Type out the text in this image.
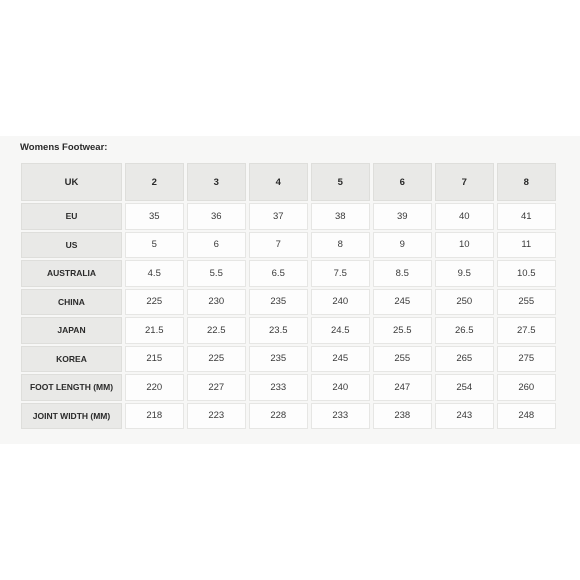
Womens Footwear:
UK	2	3	4	5	6	7	8
EU	35	36	37	38	39	40	41
US	5	6	7	8	9	10	11
AUSTRALIA	4.5	5.5	6.5	7.5	8.5	9.5	10.5
CHINA	225	230	235	240	245	250	255
JAPAN	21.5	22.5	23.5	24.5	25.5	26.5	27.5
KOREA	215	225	235	245	255	265	275
FOOT LENGTH (MM)	220	227	233	240	247	254	260
JOINT WIDTH (MM)	218	223	228	233	238	243	248
